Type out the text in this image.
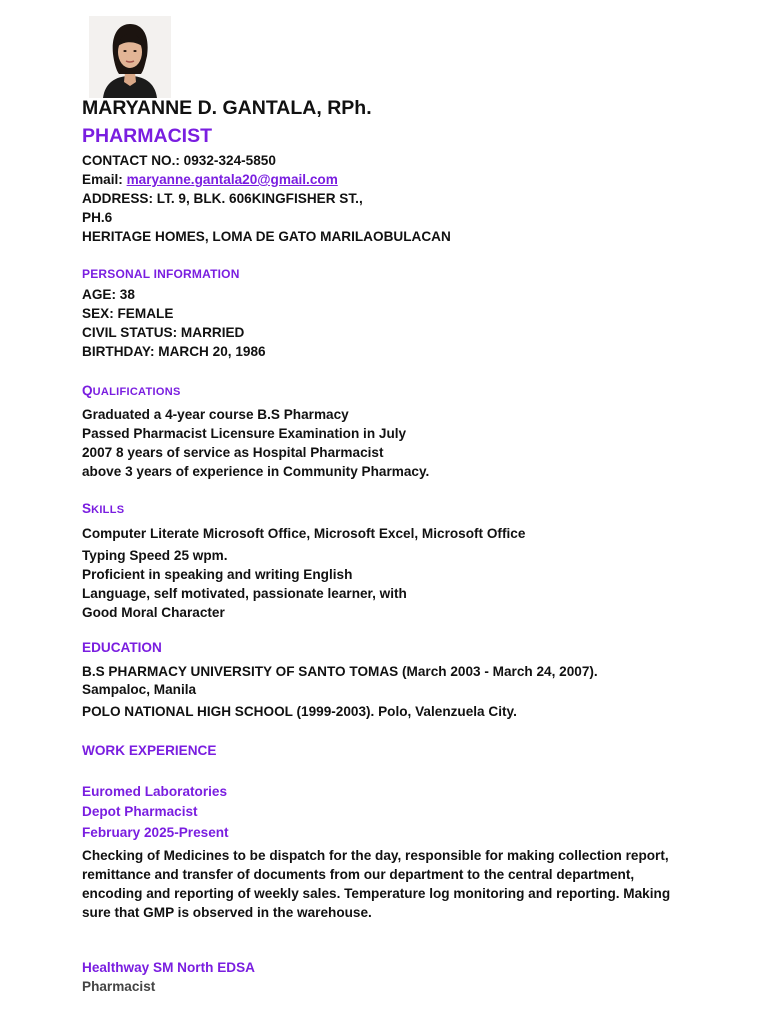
MARYANNE D. GANTALA, RPh.
PHARMACIST
CONTACT NO.: 0932-324-5850
Email: maryanne.gantala20@gmail.com
ADDRESS: LT. 9, BLK. 606KINGFISHER ST.,
PH.6
HERITAGE HOMES, LOMA DE GATO MARILAOBULACAN
PERSONAL INFORMATION
AGE: 38
SEX: FEMALE
CIVIL STATUS: MARRIED
BIRTHDAY: MARCH 20, 1986
QUALIFICATIONS
Graduated a 4-year course B.S Pharmacy
Passed Pharmacist Licensure Examination in July
2007 8 years of service as Hospital Pharmacist
above 3 years of experience in Community Pharmacy.
SKILLS
Computer Literate Microsoft Office, Microsoft Excel, Microsoft Office
Typing Speed 25 wpm.
Proficient in speaking and writing English
Language, self motivated, passionate learner, with
Good Moral Character
EDUCATION
B.S PHARMACY UNIVERSITY OF SANTO TOMAS (March 2003 - March 24, 2007).
Sampaloc, Manila
POLO NATIONAL HIGH SCHOOL (1999-2003). Polo, Valenzuela City.
WORK EXPERIENCE
Euromed Laboratories
Depot Pharmacist
February 2025-Present
Checking of Medicines to be dispatch for the day, responsible for making collection report, remittance and transfer of documents from our department to the central department, encoding and reporting of weekly sales. Temperature log monitoring and reporting. Making sure that GMP is observed in the warehouse.
Healthway SM North EDSA
Pharmacist
